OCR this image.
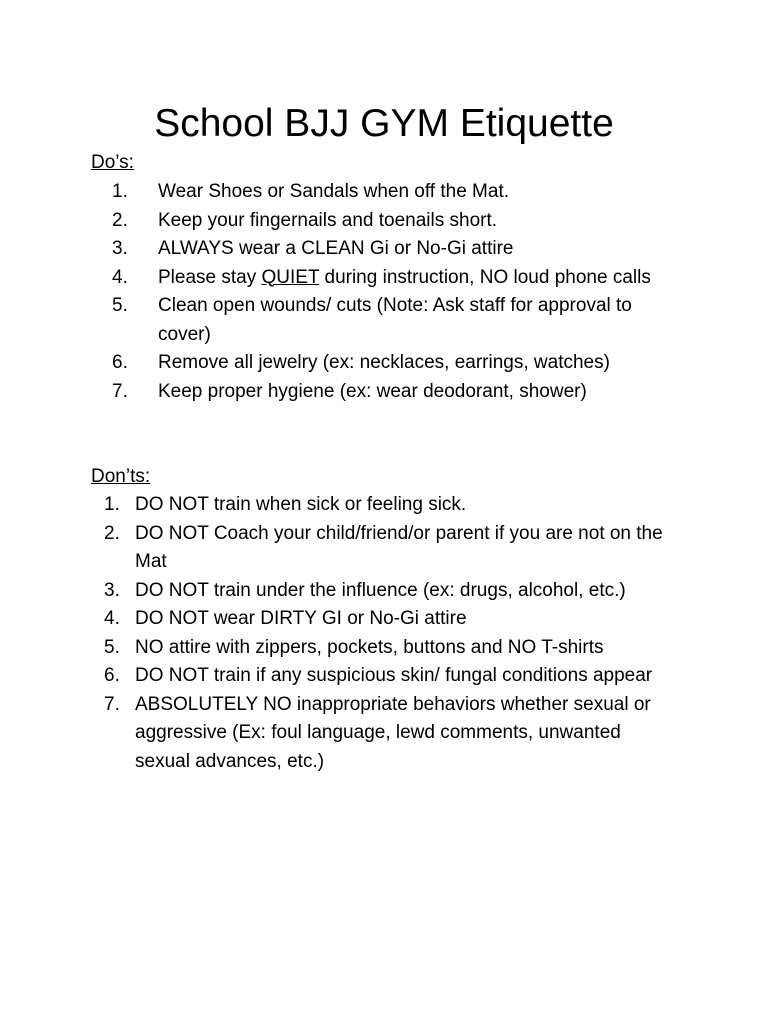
School BJJ GYM Etiquette

Do’s:

1. Wear Shoes or Sandals when off the Mat.
2. Keep your fingernails and toenails short.
3. ALWAYS wear a CLEAN Gi or No-Gi attire
4. Please stay QUIET during instruction, NO loud phone calls
5. Clean open wounds/ cuts (Note: Ask staff for approval to cover)
6. Remove all jewelry (ex: necklaces, earrings, watches)
7. Keep proper hygiene (ex: wear deodorant, shower)

Don’ts:

1. DO NOT train when sick or feeling sick.
2. DO NOT Coach your child/friend/or parent if you are not on the Mat
3. DO NOT train under the influence (ex: drugs, alcohol, etc.)
4. DO NOT wear DIRTY GI or No-Gi attire
5. NO attire with zippers, pockets, buttons and NO T-shirts
6. DO NOT train if any suspicious skin/ fungal conditions appear
7. ABSOLUTELY NO inappropriate behaviors whether sexual or aggressive (Ex: foul language, lewd comments, unwanted sexual advances, etc.)
